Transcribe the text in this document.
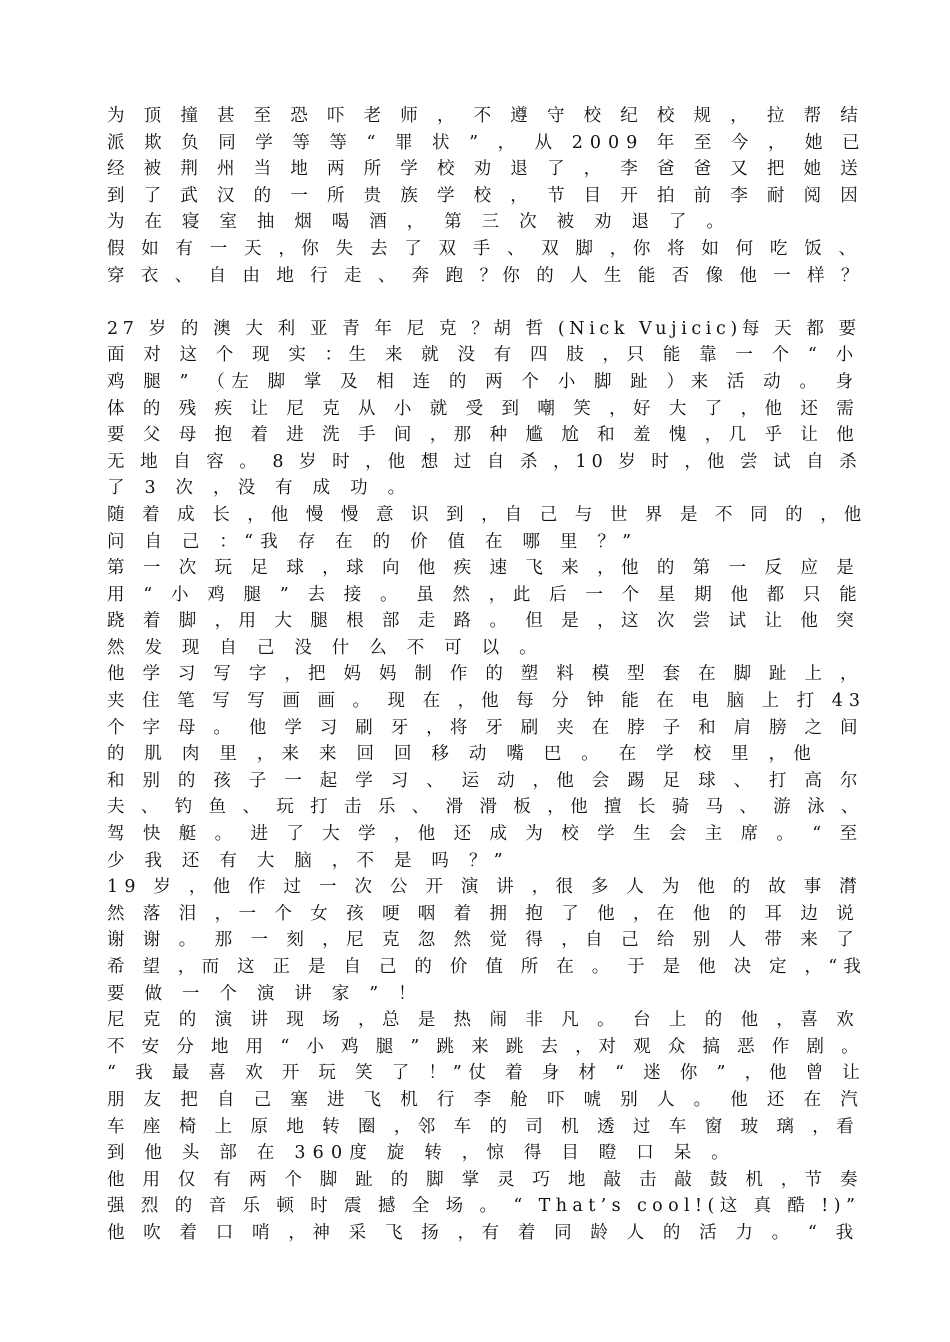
为 顶 撞 甚 至 恐 吓 老 师 ， 不 遵 守 校 纪 校 规 ， 拉 帮 结
派 欺 负 同 学 等 等 “ 罪 状 ” ， 从 2009 年 至 今 ， 她 已
经 被 荆 州 当 地 两 所 学 校 劝 退 了 ， 李 爸 爸 又 把 她 送
到 了 武 汉 的 一 所 贵 族 学 校 ， 节 目 开 拍 前 李 耐 阅 因
为 在 寝 室 抽 烟 喝 酒 ， 第 三 次 被 劝 退 了 。
假 如 有 一 天 ，你 失 去 了 双 手 、 双 脚 ，你 将 如 何 吃 饭 、
穿 衣 、 自 由 地 行 走 、 奔 跑 ？你 的 人 生 能 否 像 他 一 样 ？
27 岁 的 澳 大 利 亚 青 年 尼 克 ？胡 哲 (Nick Vujicic)每 天 都 要
面 对 这 个 现 实 ：生 来 就 没 有 四 肢 ，只 能 靠 一 个 “ 小
鸡 腿 ” （左 脚 掌 及 相 连 的 两 个 小 脚 趾 ）来 活 动 。 身
体 的 残 疾 让 尼 克 从 小 就 受 到 嘲 笑 ，好 大 了 ，他 还 需
要 父 母 抱 着 进 洗 手 间 ，那 种 尴 尬 和 羞 愧 ，几 乎 让 他
无 地 自 容 。 8 岁 时 ，他 想 过 自 杀 ，10 岁 时 ，他 尝 试 自 杀
了 3 次 ，没 有 成 功 。
随 着 成 长 ，他 慢 慢 意 识 到 ，自 己 与 世 界 是 不 同 的 ，他
问 自 己 ：“我 存 在 的 价 值 在 哪 里 ？”
第 一 次 玩 足 球 ，球 向 他 疾 速 飞 来 ，他 的 第 一 反 应 是
用 “ 小 鸡 腿 ” 去 接 。 虽 然 ，此 后 一 个 星 期 他 都 只 能
跷 着 脚 ，用 大 腿 根 部 走 路 。 但 是 ，这 次 尝 试 让 他 突
然 发 现 自 己 没 什 么 不 可 以 。
他 学 习 写 字 ，把 妈 妈 制 作 的 塑 料 模 型 套 在 脚 趾 上 ，
夹 住 笔 写 写 画 画 。 现 在 ，他 每 分 钟 能 在 电 脑 上 打 43
个 字 母 。 他 学 习 刷 牙 ，将 牙 刷 夹 在 脖 子 和 肩 膀 之 间
的 肌 肉 里 ，来 来 回 回 移 动 嘴 巴 。 在 学 校 里 ，他
和 别 的 孩 子 一 起 学 习 、 运 动 ，他 会 踢 足 球 、 打 高 尔
夫 、 钓 鱼 、 玩 打 击 乐 、 滑 滑 板 ，他 擅 长 骑 马 、 游 泳 、
驾 快 艇 。 进 了 大 学 ，他 还 成 为 校 学 生 会 主 席 。 “ 至
少 我 还 有 大 脑 ，不 是 吗 ？”
19 岁 ，他 作 过 一 次 公 开 演 讲 ，很 多 人 为 他 的 故 事 潸
然 落 泪 ，一 个 女 孩 哽 咽 着 拥 抱 了 他 ，在 他 的 耳 边 说
谢 谢 。 那 一 刻 ，尼 克 忽 然 觉 得 ，自 己 给 别 人 带 来 了
希 望 ，而 这 正 是 自 己 的 价 值 所 在 。 于 是 他 决 定 ，“我
要 做 一 个 演 讲 家 ” ！
尼 克 的 演 讲 现 场 ，总 是 热 闹 非 凡 。 台 上 的 他 ，喜 欢
不 安 分 地 用 “ 小 鸡 腿 ” 跳 来 跳 去 ，对 观 众 搞 恶 作 剧 。
“ 我 最 喜 欢 开 玩 笑 了 ！”仗 着 身 材 “ 迷 你 ” ，他 曾 让
朋 友 把 自 己 塞 进 飞 机 行 李 舱 吓 唬 别 人 。 他 还 在 汽
车 座 椅 上 原 地 转 圈 ，邻 车 的 司 机 透 过 车 窗 玻 璃 ，看
到 他 头 部 在 360度 旋 转 ，惊 得 目 瞪 口 呆 。
他 用 仅 有 两 个 脚 趾 的 脚 掌 灵 巧 地 敲 击 敲 鼓 机 ，节 奏
强 烈 的 音 乐 顿 时 震 撼 全 场 。 “ That’s cool!(这 真 酷 !)”
他 吹 着 口 哨 ，神 采 飞 扬 ，有 着 同 龄 人 的 活 力 。 “ 我
